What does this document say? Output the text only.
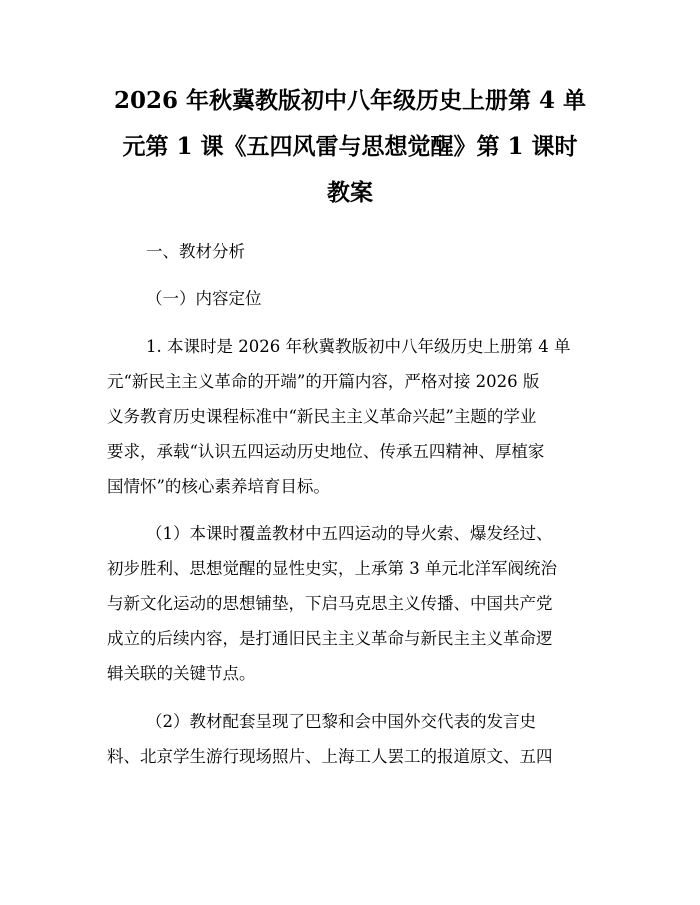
2026 年秋冀教版初中八年级历史上册第 4 单
元第 1 课《五四风雷与思想觉醒》第 1 课时
教案

一、教材分析

（一）内容定位

1. 本课时是 2026 年秋冀教版初中八年级历史上册第 4 单

元“新民主主义革命的开端”的开篇内容，严格对接 2026 版

义务教育历史课程标准中“新民主主义革命兴起”主题的学业

要求，承载“认识五四运动历史地位、传承五四精神、厚植家

国情怀”的核心素养培育目标。

（1）本课时覆盖教材中五四运动的导火索、爆发经过、

初步胜利、思想觉醒的显性史实，上承第 3 单元北洋军阀统治

与新文化运动的思想铺垫，下启马克思主义传播、中国共产党

成立的后续内容，是打通旧民主主义革命与新民主主义革命逻

辑关联的关键节点。

（2）教材配套呈现了巴黎和会中国外交代表的发言史

料、北京学生游行现场照片、上海工人罢工的报道原文、五四
